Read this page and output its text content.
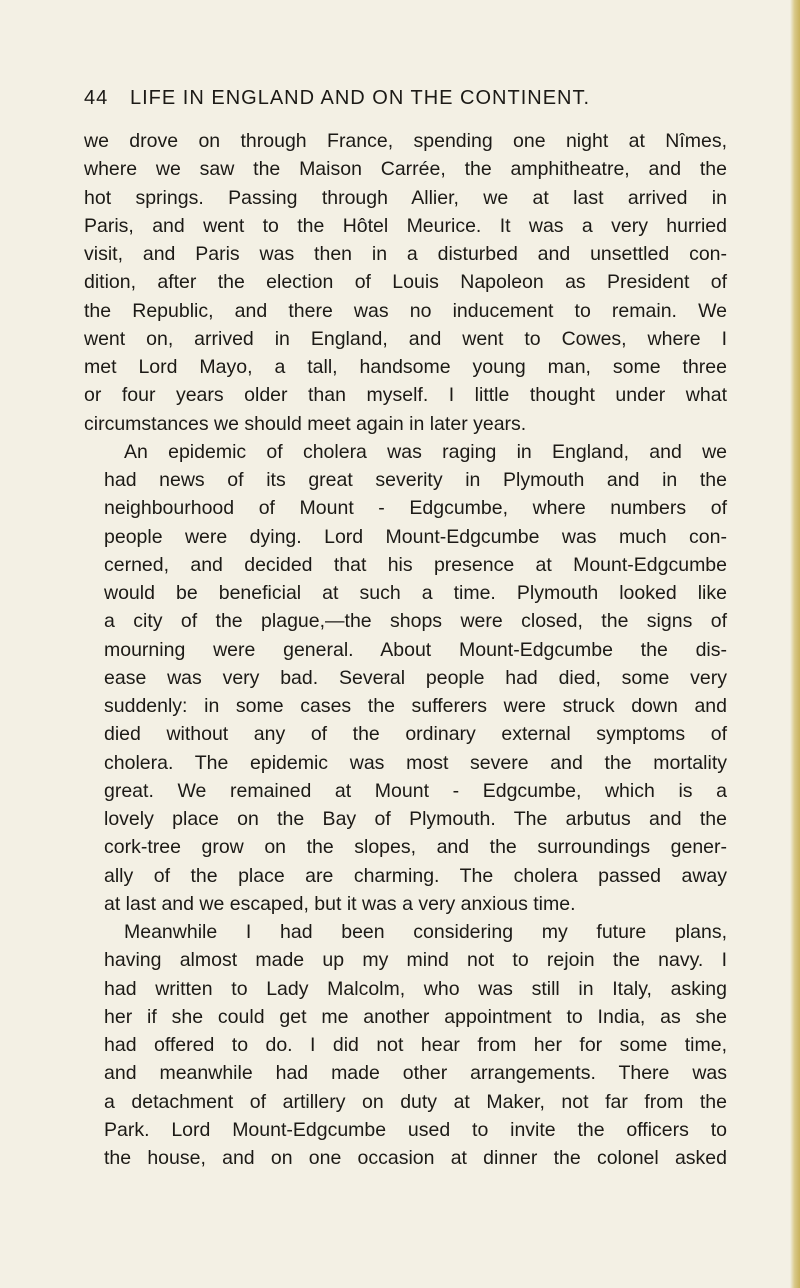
44 LIFE IN ENGLAND AND ON THE CONTINENT.

we drove on through France, spending one night at Nîmes,
where we saw the Maison Carrée, the amphitheatre, and the
hot springs. Passing through Allier, we at last arrived in
Paris, and went to the Hôtel Meurice. It was a very hurried
visit, and Paris was then in a disturbed and unsettled con-
dition, after the election of Louis Napoleon as President of
the Republic, and there was no inducement to remain. We
went on, arrived in England, and went to Cowes, where I
met Lord Mayo, a tall, handsome young man, some three
or four years older than myself. I little thought under what
circumstances we should meet again in later years.

An epidemic of cholera was raging in England, and we
had news of its great severity in Plymouth and in the
neighbourhood of Mount - Edgcumbe, where numbers of
people were dying. Lord Mount-Edgcumbe was much con-
cerned, and decided that his presence at Mount-Edgcumbe
would be beneficial at such a time. Plymouth looked like
a city of the plague,—the shops were closed, the signs of
mourning were general. About Mount-Edgcumbe the dis-
ease was very bad. Several people had died, some very
suddenly: in some cases the sufferers were struck down and
died without any of the ordinary external symptoms of
cholera. The epidemic was most severe and the mortality
great. We remained at Mount - Edgcumbe, which is a
lovely place on the Bay of Plymouth. The arbutus and the
cork-tree grow on the slopes, and the surroundings gener-
ally of the place are charming. The cholera passed away
at last and we escaped, but it was a very anxious time.

Meanwhile I had been considering my future plans,
having almost made up my mind not to rejoin the navy. I
had written to Lady Malcolm, who was still in Italy, asking
her if she could get me another appointment to India, as she
had offered to do. I did not hear from her for some time,
and meanwhile had made other arrangements. There was
a detachment of artillery on duty at Maker, not far from the
Park. Lord Mount-Edgcumbe used to invite the officers to
the house, and on one occasion at dinner the colonel asked
